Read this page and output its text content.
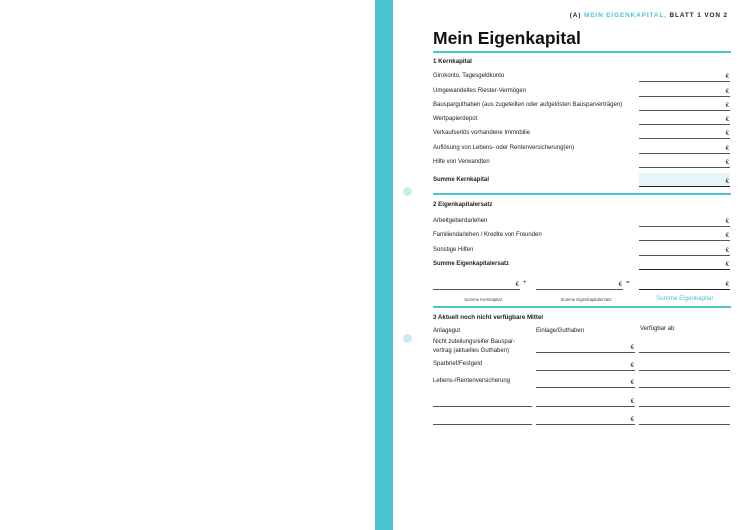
(A) MEIN EIGENKAPITAL, BLATT 1 VON 2
Mein Eigenkapital
1 Kernkapital
Girokonto, Tagesgeldkonto	€
Umgewandeltes Riester-Vermögen	€
Bausparguthaben (aus zugeteilten oder aufgelösten Bausparverträgen)	€
Wertpapierdepot	€
Verkaufserlös vorhandene Immobilie	€
Auflösung von Lebens- oder Rentenversicherung(en)	€
Hilfe von Verwandten	€
Summe Kernkapital	€
2 Eigenkapitalersatz
Arbeitgeberdarlehen	€
Familiendarlehen / Kredite von Freunden	€
Sonstige Hilfen	€
Summe Eigenkapitalersatz	€
€ +	€ =	€
Summe Kernkapital	Summe Eigenkapitalersatz	Summe Eigenkapital
3 Aktuell noch nicht verfügbare Mittel
Anlagegut	Einlage/Guthaben	Verfügbar ab
Nicht zuteilungsreifer Bauspar-
vertrag (aktuelles Guthaben)	€
Sparbrief/Festgeld	€
Lebens-/Rentenversicherung	€
€
€
